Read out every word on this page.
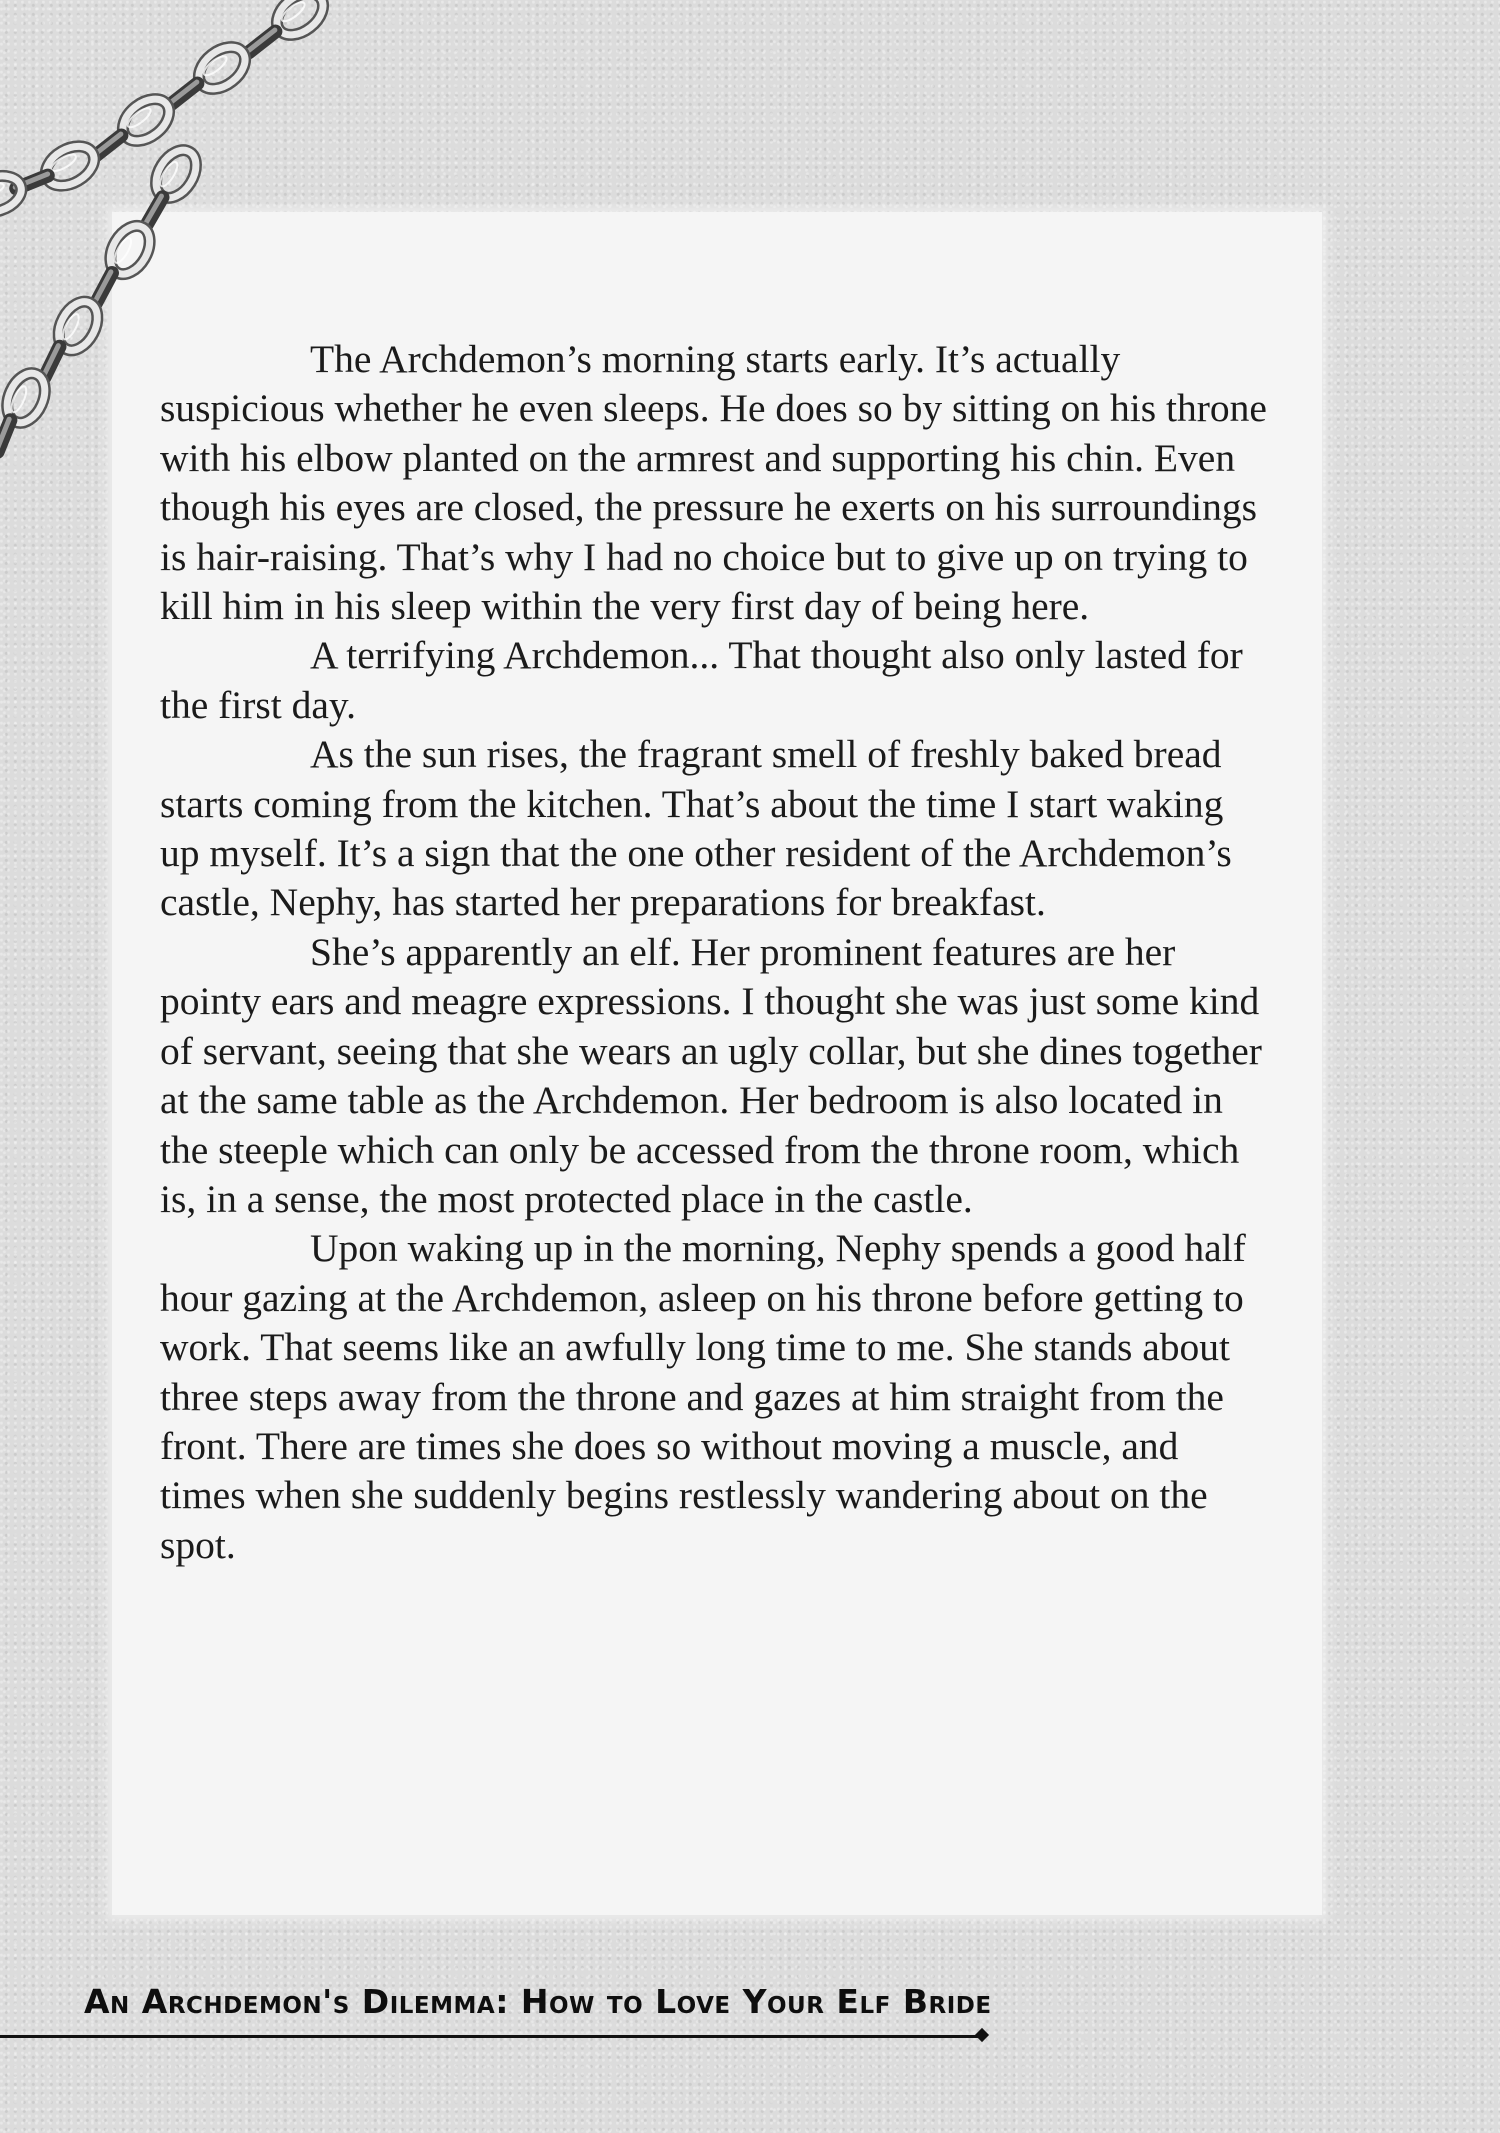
The Archdemon’s morning starts early. It’s actually suspicious whether he even sleeps. He does so by sitting on his throne with his elbow planted on the armrest and supporting his chin. Even though his eyes are closed, the pressure he exerts on his surroundings is hair-raising. That’s why I had no choice but to give up on trying to kill him in his sleep within the very first day of being here.

A terrifying Archdemon... That thought also only lasted for the first day.

As the sun rises, the fragrant smell of freshly baked bread starts coming from the kitchen. That’s about the time I start waking up myself. It’s a sign that the one other resident of the Archdemon’s castle, Nephy, has started her preparations for breakfast.

She’s apparently an elf. Her prominent features are her pointy ears and meagre expressions. I thought she was just some kind of servant, seeing that she wears an ugly collar, but she dines together at the same table as the Archdemon. Her bedroom is also located in the steeple which can only be accessed from the throne room, which is, in a sense, the most protected place in the castle.

Upon waking up in the morning, Nephy spends a good half hour gazing at the Archdemon, asleep on his throne before getting to work. That seems like an awfully long time to me. She stands about three steps away from the throne and gazes at him straight from the front. There are times she does so without moving a muscle, and times when she suddenly begins restlessly wandering about on the spot.

An Archdemon's Dilemma: How to Love Your Elf Bride
